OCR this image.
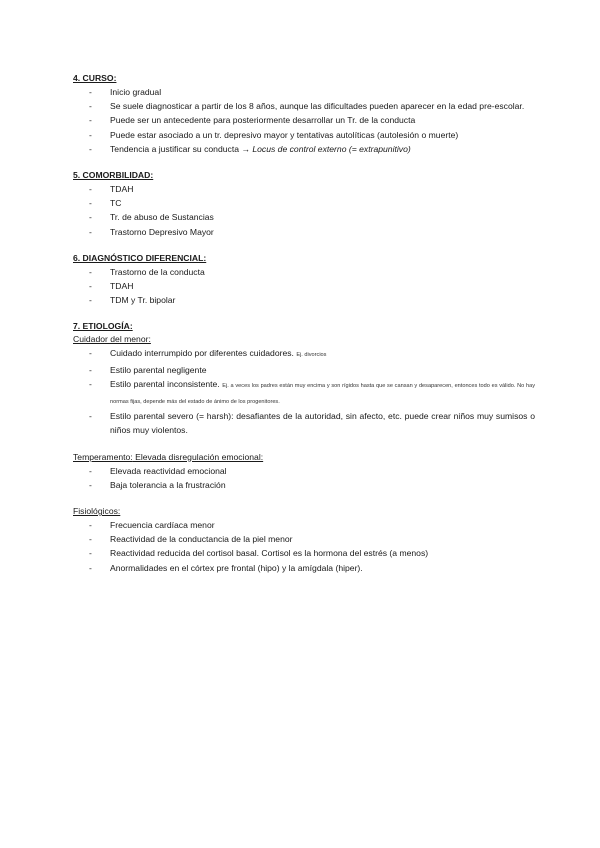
4. CURSO:

- Inicio gradual
- Se suele diagnosticar a partir de los 8 años, aunque las dificultades pueden aparecer en la edad pre-escolar.
- Puede ser un antecedente para posteriormente desarrollar un Tr. de la conducta
- Puede estar asociado a un tr. depresivo mayor y tentativas autolíticas (autolesión o muerte)
- Tendencia a justificar su conducta → Locus de control externo (= extrapunitivo)

5. COMORBILIDAD:

- TDAH
- TC
- Tr. de abuso de Sustancias
- Trastorno Depresivo Mayor

6. DIAGNÓSTICO DIFERENCIAL:

- Trastorno de la conducta
- TDAH
- TDM y Tr. bipolar

7. ETIOLOGÍA:

Cuidador del menor:

- Cuidado interrumpido por diferentes cuidadores. Ej. divorcios
- Estilo parental negligente
- Estilo parental inconsistente. Ej. a veces los padres están muy encima y son rígidos hasta que se cansan y desaparecen, entonces todo es válido. No hay normas fijas, depende más del estado de ánimo de los progenitores.
- Estilo parental severo (= harsh): desafiantes de la autoridad, sin afecto, etc. puede crear niños muy sumisos o niños muy violentos.

Temperamento: Elevada disregulación emocional:

- Elevada reactividad emocional
- Baja tolerancia a la frustración

Fisiológicos:

- Frecuencia cardíaca menor
- Reactividad de la conductancia de la piel menor
- Reactividad reducida del cortisol basal. Cortisol es la hormona del estrés (a menos)
- Anormalidades en el córtex pre frontal (hipo) y la amígdala (hiper).
